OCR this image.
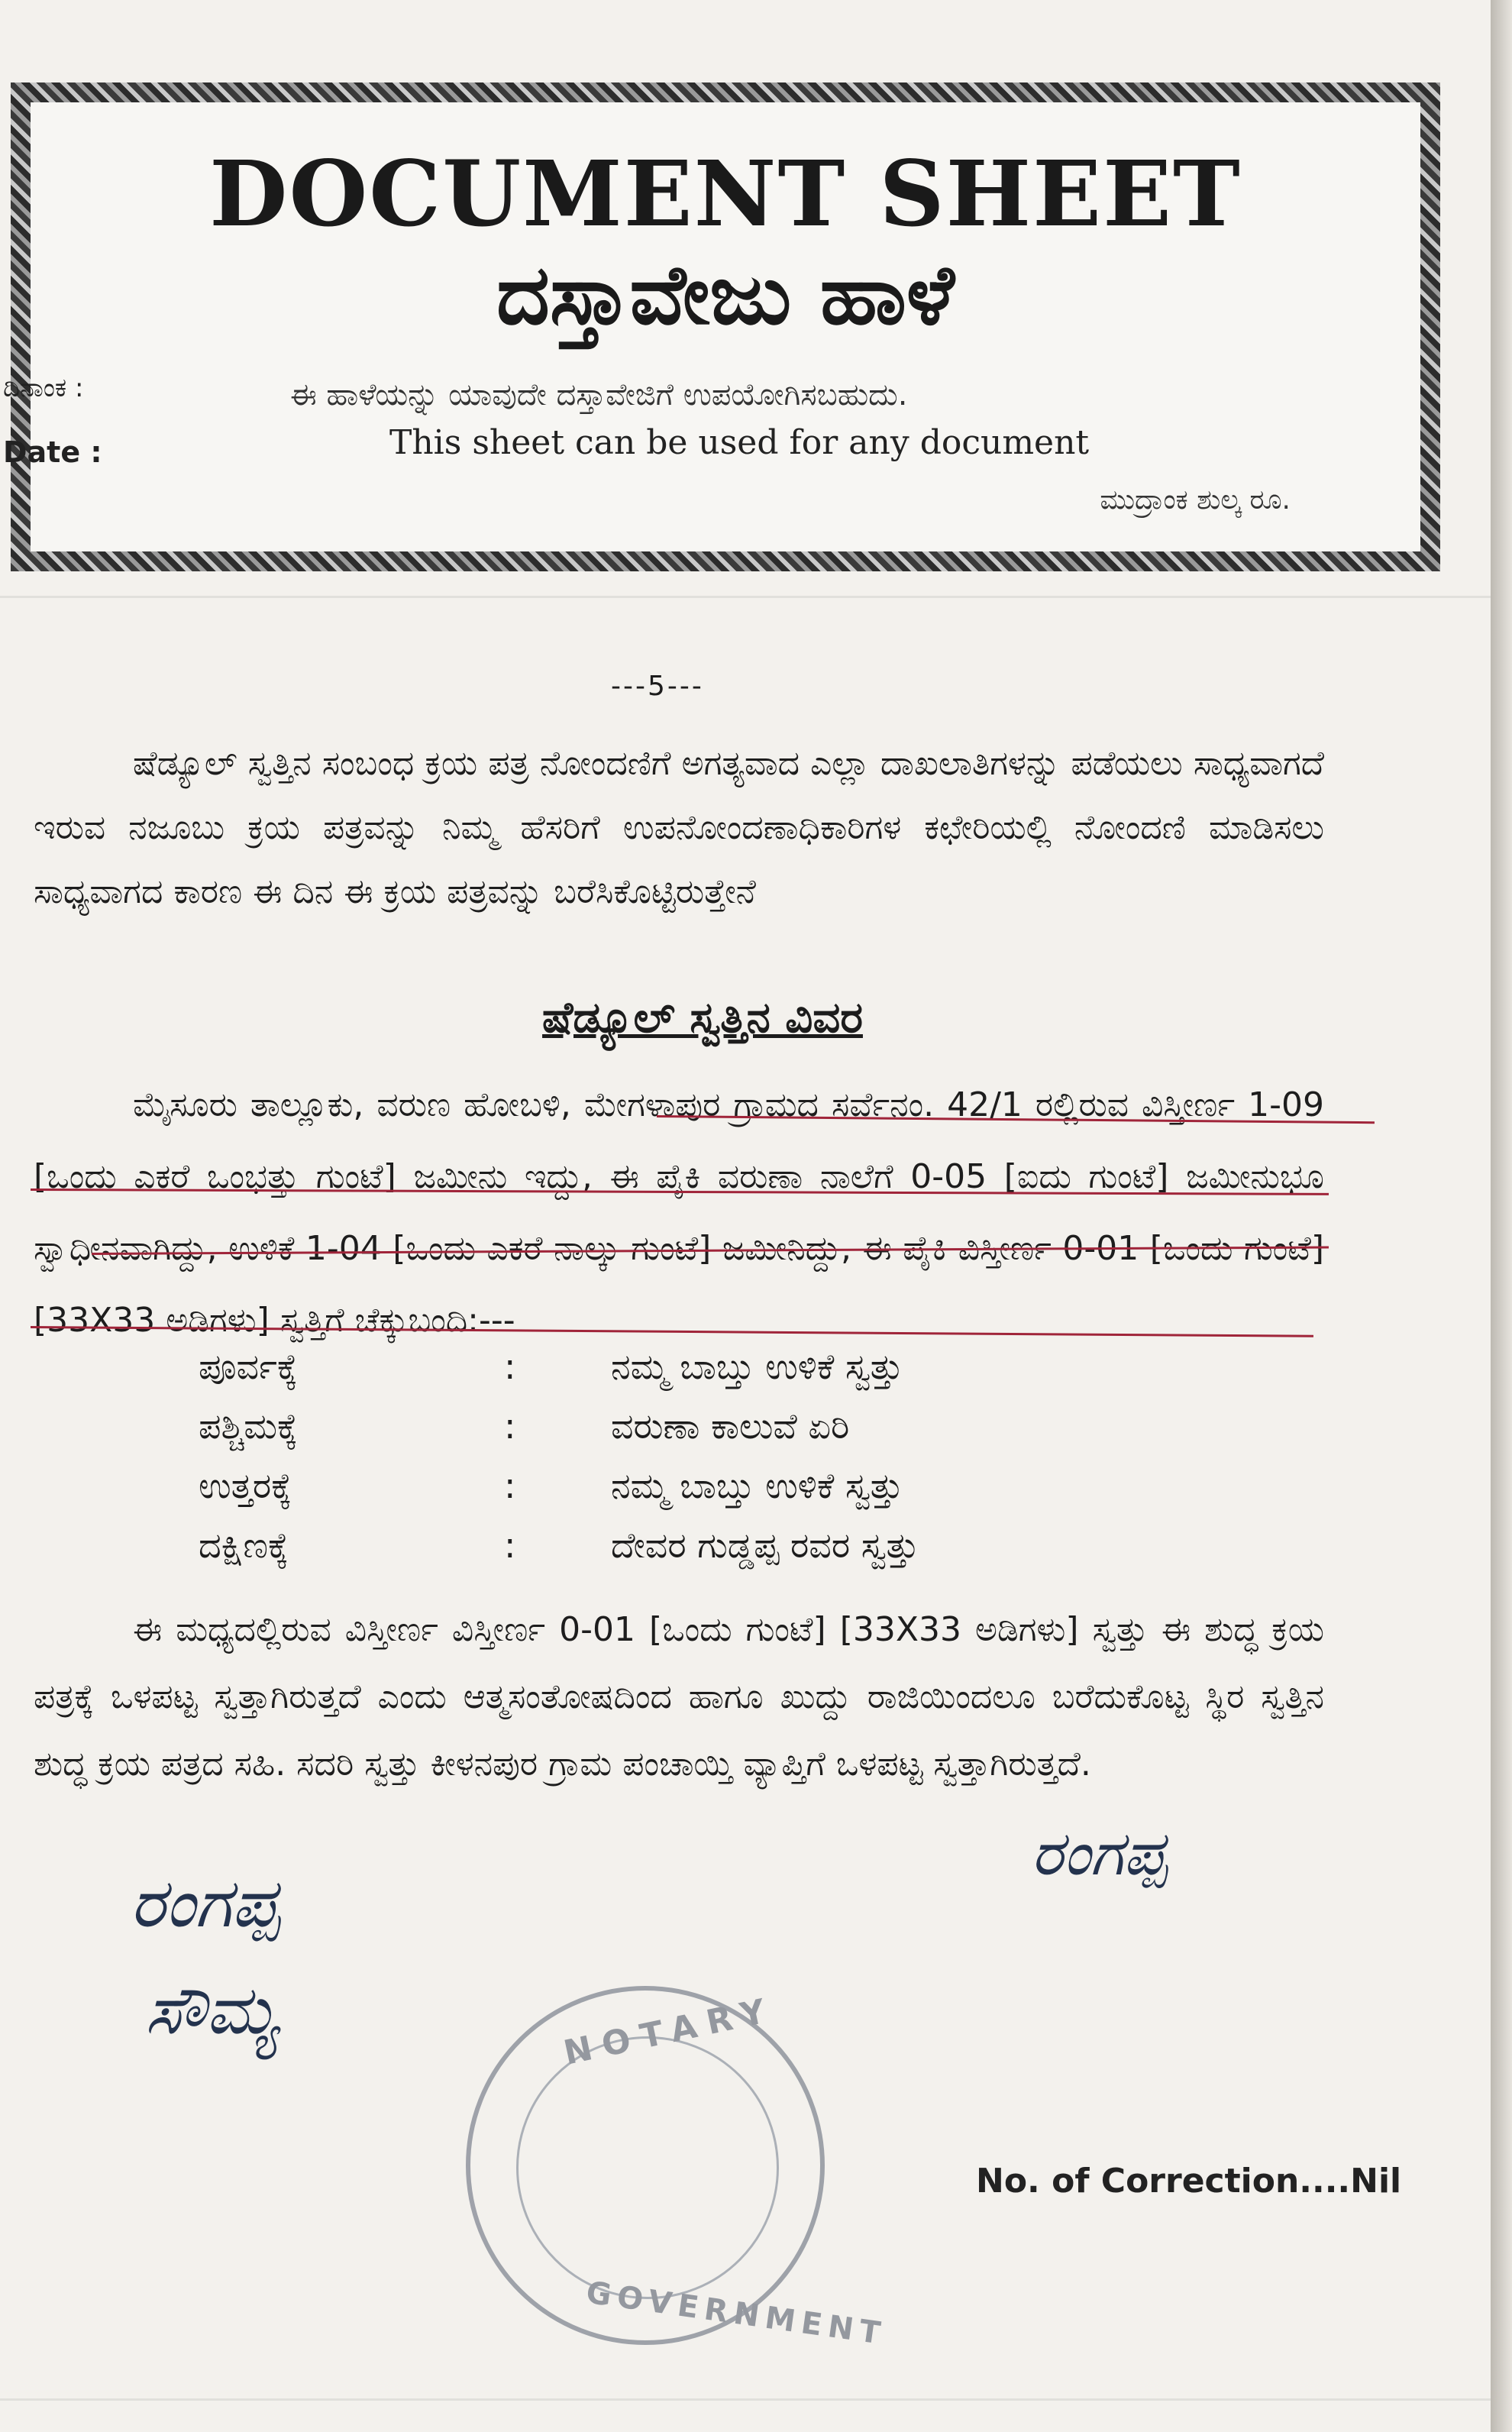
DOCUMENT SHEET
ದಸ್ತಾವೇಜು ಹಾಳೆ
ಈ ಹಾಳೆಯನ್ನು ಯಾವುದೇ ದಸ್ತಾವೇಜಿಗೆ ಉಪಯೋಗಿಸಬಹುದು.
This sheet can be used for any document
ಮುದ್ರಾಂಕ ಶುಲ್ಕ ರೂ.
ದಿನಾಂಕ :
Date :
---5---
ಷೆಡ್ಯೂಲ್ ಸ್ವತ್ತಿನ ಸಂಬಂಧ ಕ್ರಯ ಪತ್ರ ನೋಂದಣಿಗೆ ಅಗತ್ಯವಾದ ಎಲ್ಲಾ ದಾಖಲಾತಿಗಳನ್ನು ಪಡೆಯಲು ಸಾಧ್ಯವಾಗದೆ ಇರುವ ನಜೂಬು ಕ್ರಯ ಪತ್ರವನ್ನು ನಿಮ್ಮ ಹೆಸರಿಗೆ ಉಪನೋಂದಣಾಧಿಕಾರಿಗಳ ಕಛೇರಿಯಲ್ಲಿ ನೋಂದಣಿ ಮಾಡಿಸಲು ಸಾಧ್ಯವಾಗದ ಕಾರಣ ಈ ದಿನ ಈ ಕ್ರಯ ಪತ್ರವನ್ನು ಬರೆಸಿಕೊಟ್ಟಿರುತ್ತೇನೆ
ಷೆಡ್ಯೂಲ್ ಸ್ವತ್ತಿನ ವಿವರ
ಮೈಸೂರು ತಾಲ್ಲೂಕು, ವರುಣ ಹೋಬಳಿ, ಮೇಗಳಾಪುರ ಗ್ರಾಮದ ಸರ್ವೆನಂ. 42/1 ರಲ್ಲಿರುವ ವಿಸ್ತೀರ್ಣ 1-09 [ಒಂದು ಎಕರೆ ಒಂಭತ್ತು ಗುಂಟೆ] ಜಮೀನು ಇದ್ದು, ಈ ಪೈಕಿ ವರುಣಾ ನಾಲೆಗೆ 0-05 [ಐದು ಗುಂಟೆ] ಜಮೀನುಭೂ ಸ್ವಾಧೀನವಾಗಿದ್ದು, ಉಳಿಕೆ 1-04 [ಒಂದು ಎಕರೆ ನಾಲ್ಕು ಗುಂಟೆ] ಜಮೀನಿದ್ದು, ಈ ಪೈಕಿ ವಿಸ್ತೀರ್ಣ 0-01 [ಒಂದು ಗುಂಟೆ] [33X33 ಅಡಿಗಳು] ಸ್ವತ್ತಿಗೆ ಚೆಕ್ಕುಬಂದಿ:---
ಪೂರ್ವಕ್ಕೆ	:	ನಮ್ಮ ಬಾಬ್ತು ಉಳಿಕೆ ಸ್ವತ್ತು
ಪಶ್ಚಿಮಕ್ಕೆ	:	ವರುಣಾ ಕಾಲುವೆ ಏರಿ
ಉತ್ತರಕ್ಕೆ	:	ನಮ್ಮ ಬಾಬ್ತು ಉಳಿಕೆ ಸ್ವತ್ತು
ದಕ್ಷಿಣಕ್ಕೆ	:	ದೇವರ ಗುಡ್ಡಪ್ಪ ರವರ ಸ್ವತ್ತು
ಈ ಮಧ್ಯದಲ್ಲಿರುವ ವಿಸ್ತೀರ್ಣ ವಿಸ್ತೀರ್ಣ 0-01 [ಒಂದು ಗುಂಟೆ] [33X33 ಅಡಿಗಳು] ಸ್ವತ್ತು ಈ ಶುದ್ಧ ಕ್ರಯ ಪತ್ರಕ್ಕೆ ಒಳಪಟ್ಟ ಸ್ವತ್ತಾಗಿರುತ್ತದೆ ಎಂದು ಆತ್ಮಸಂತೋಷದಿಂದ ಹಾಗೂ ಖುದ್ದು ರಾಜಿಯಿಂದಲೂ ಬರೆದುಕೊಟ್ಟ ಸ್ಥಿರ ಸ್ವತ್ತಿನ ಶುದ್ಧ ಕ್ರಯ ಪತ್ರದ ಸಹಿ. ಸದರಿ ಸ್ವತ್ತು ಕೀಳನಪುರ ಗ್ರಾಮ ಪಂಚಾಯ್ತಿ ವ್ಯಾಪ್ತಿಗೆ ಒಳಪಟ್ಟ ಸ್ವತ್ತಾಗಿರುತ್ತದೆ.
ರಂಗಪ್ಪ
ಸೌಮ್ಯ
ರಂಗಪ್ಪ
NOTARY
GOVERNMENT
No. of Correction....Nil
